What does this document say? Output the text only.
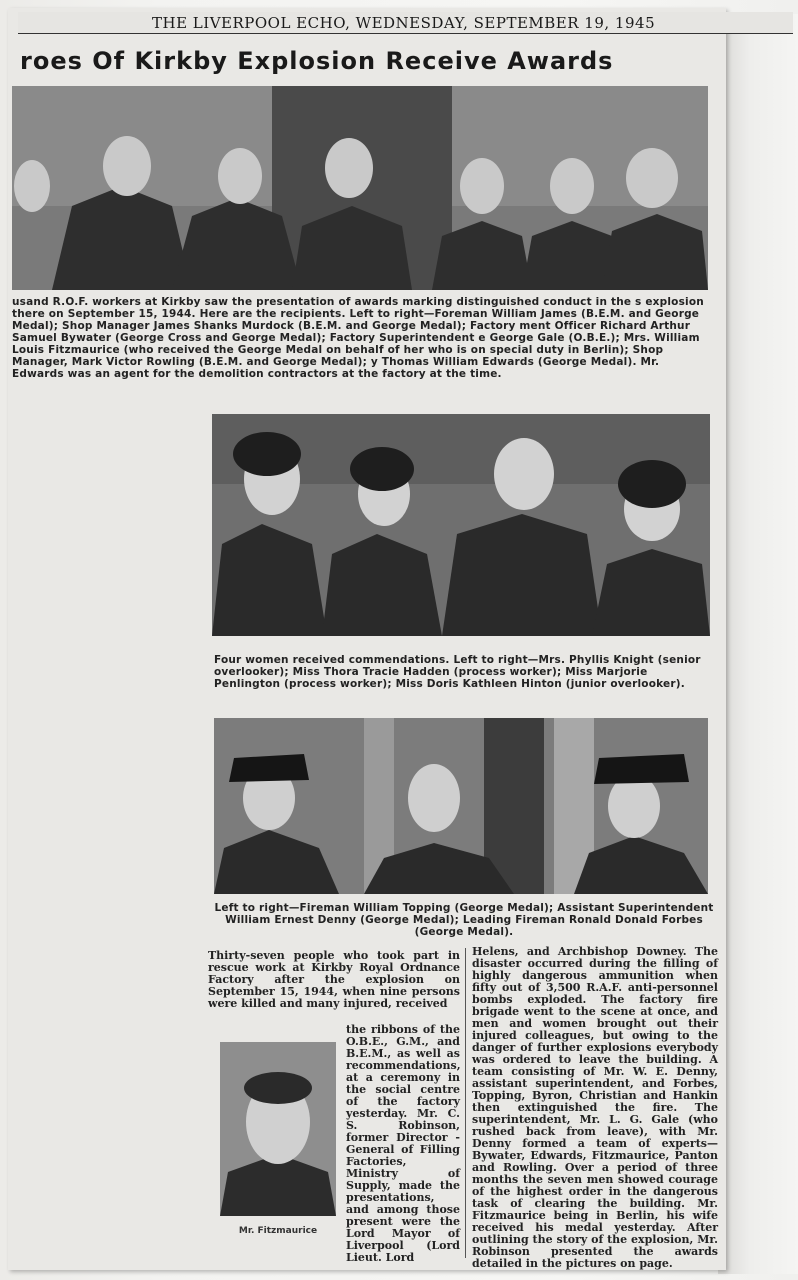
THE LIVERPOOL ECHO, WEDNESDAY, SEPTEMBER 19, 1945
roes Of Kirkby Explosion Receive Awards
usand R.O.F. workers at Kirkby saw the presentation of awards marking distinguished conduct in the s explosion there on September 15, 1944. Here are the recipients. Left to right—Foreman William James (B.E.M. and George Medal); Shop Manager James Shanks Murdock (B.E.M. and George Medal); Factory ment Officer Richard Arthur Samuel Bywater (George Cross and George Medal); Factory Superintendent e George Gale (O.B.E.); Mrs. William Louis Fitzmaurice (who received the George Medal on behalf of her who is on special duty in Berlin); Shop Manager, Mark Victor Rowling (B.E.M. and George Medal); y Thomas William Edwards (George Medal). Mr. Edwards was an agent for the demolition contractors at the factory at the time.
Four women received commendations. Left to right—Mrs. Phyllis Knight (senior overlooker); Miss Thora Tracie Hadden (process worker); Miss Marjorie Penlington (process worker); Miss Doris Kathleen Hinton (junior overlooker).
Left to right—Fireman William Topping (George Medal); Assistant Superintendent William Ernest Denny (George Medal); Leading Fireman Ronald Donald Forbes (George Medal).
Thirty-seven people who took part in rescue work at Kirkby Royal Ordnance Factory after the explosion on September 15, 1944, when nine persons were killed and many injured, received
Mr. Fitzmaurice
the ribbons of the O.B.E., G.M., and B.E.M., as well as recommendations, at a ceremony in the social centre of the factory yesterday. Mr. C. S. Robinson, former Director - General of Filling Factories, Ministry of Supply, made the presentations, and among those present were the Lord Mayor of Liverpool (Lord Lieut. Lord
Helens, and Archbishop Downey. The disaster occurred during the filling of highly dangerous ammunition when fifty out of 3,500 R.A.F. anti-personnel bombs exploded. The factory fire brigade went to the scene at once, and men and women brought out their injured colleagues, but owing to the danger of further explosions everybody was ordered to leave the building. A team consisting of Mr. W. E. Denny, assistant superintendent, and Forbes, Topping, Byron, Christian and Hankin then extinguished the fire. The superintendent, Mr. L. G. Gale (who rushed back from leave), with Mr. Denny formed a team of experts—Bywater, Edwards, Fitzmaurice, Panton and Rowling. Over a period of three months the seven men showed courage of the highest order in the dangerous task of clearing the building. Mr. Fitzmaurice being in Berlin, his wife received his medal yesterday. After outlining the story of the explosion, Mr. Robinson presented the awards detailed in the pictures on page.
